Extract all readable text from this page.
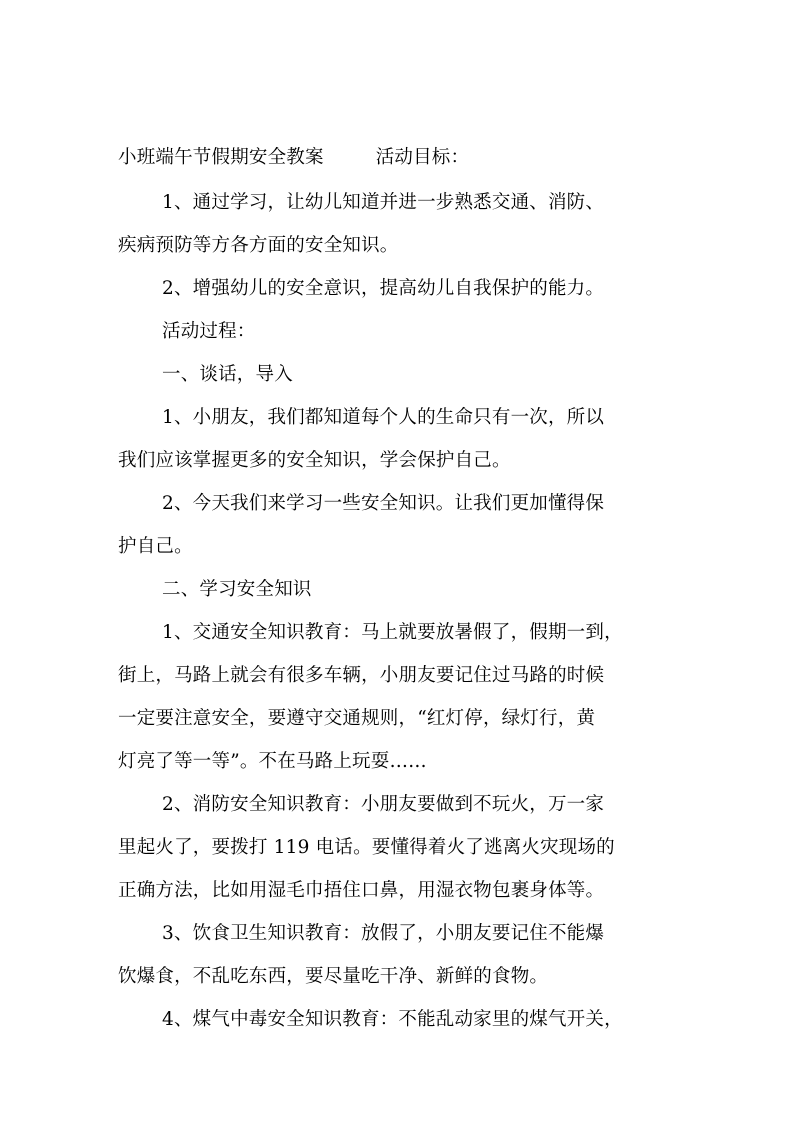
小班端午节假期安全教案	活动目标：
1、通过学习，让幼儿知道并进一步熟悉交通、消防、
疾病预防等方各方面的安全知识。
2、增强幼儿的安全意识，提高幼儿自我保护的能力。
活动过程：
一、谈话，导入
1、小朋友，我们都知道每个人的生命只有一次，所以
我们应该掌握更多的安全知识，学会保护自己。
2、今天我们来学习一些安全知识。让我们更加懂得保
护自己。
二、学习安全知识
1、交通安全知识教育：马上就要放暑假了，假期一到，
街上，马路上就会有很多车辆，小朋友要记住过马路的时候
一定要注意安全，要遵守交通规则，“红灯停，绿灯行，黄
灯亮了等一等”。不在马路上玩耍……
2、消防安全知识教育：小朋友要做到不玩火，万一家
里起火了，要拨打 119 电话。要懂得着火了逃离火灾现场的
正确方法，比如用湿毛巾捂住口鼻，用湿衣物包裹身体等。
3、饮食卫生知识教育：放假了，小朋友要记住不能爆
饮爆食，不乱吃东西，要尽量吃干净、新鲜的食物。
4、煤气中毒安全知识教育：不能乱动家里的煤气开关，
